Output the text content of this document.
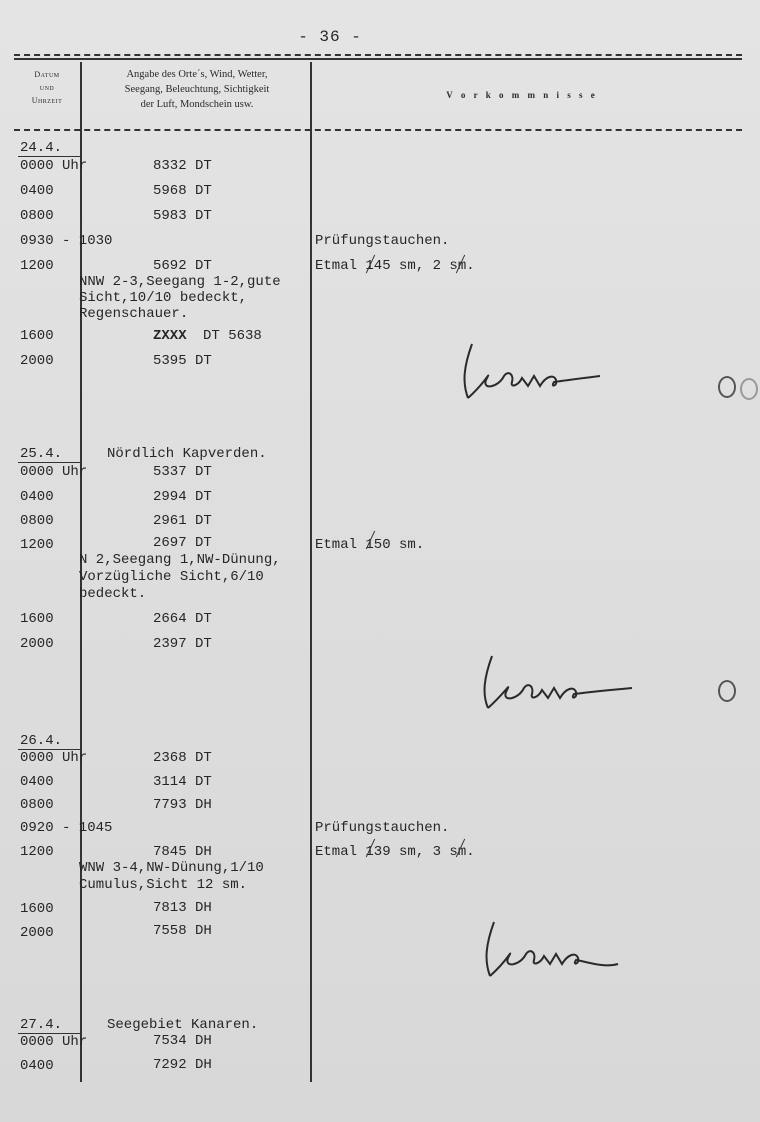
- 36 -
Datum
und
Uhrzeit
Angabe des Orte´s, Wind, Wetter,
Seegang, Beleuchtung, Sichtigkeit
der Luft, Mondschein usw.
V o r k o m m n i s s e
24.4.
0000 Uhr	8332 DT
0400	5968 DT
0800	5983 DT
0930 - 1030	Prüfungstauchen.
1200	5692 DT	Etmal 145 sm, 2 sm.
NNW 2-3,Seegang 1-2,gute
Sicht,10/10 bedeckt,
Regenschauer.
1600	ZXXX DT 5638
2000	5395 DT
25.4.	Nördlich Kapverden.
0000 Uhr	5337 DT
0400	2994 DT
0800	2961 DT
1200	2697 DT	Etmal 150 sm.
N 2,Seegang 1,NW-Dünung,
Vorzügliche Sicht,6/10
bedeckt.
1600	2664 DT
2000	2397 DT
26.4.
0000 Uhr	2368 DT
0400	3114 DT
0800	7793 DH
0920 - 1045	Prüfungstauchen.
1200	7845 DH	Etmal 139 sm, 3 sm.
WNW 3-4,NW-Dünung,1/10
Cumulus,Sicht 12 sm.
1600	7813 DH
2000	7558 DH
27.4.	Seegebiet Kanaren.
0000 Uhr	7534 DH
0400	7292 DH
